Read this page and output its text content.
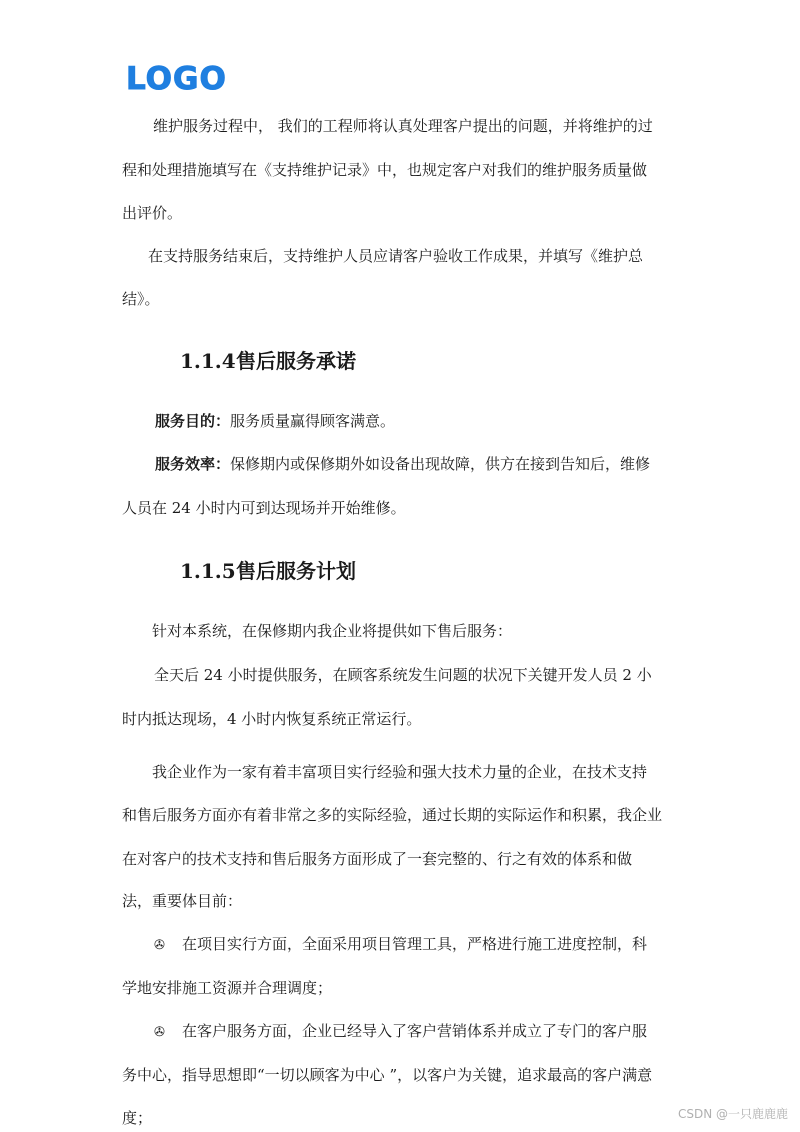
LOGO
维护服务过程中， 我们的工程师将认真处理客户提出的问题，并将维护的过
程和处理措施填写在《支持维护记录》中，也规定客户对我们的维护服务质量做
出评价。
在支持服务结束后，支持维护人员应请客户验收工作成果，并填写《维护总
结》。
1.1.4售后服务承诺
服务目的：服务质量赢得顾客满意。
服务效率：保修期内或保修期外如设备出现故障，供方在接到告知后，维修
人员在 24 小时内可到达现场并开始维修。
1.1.5售后服务计划
针对本系统，在保修期内我企业将提供如下售后服务：
全天后 24 小时提供服务，在顾客系统发生问题的状况下关键开发人员 2 小
时内抵达现场，4 小时内恢复系统正常运行。
我企业作为一家有着丰富项目实行经验和强大技术力量的企业，在技术支持
和售后服务方面亦有着非常之多的实际经验，通过长期的实际运作和积累，我企业
在对客户的技术支持和售后服务方面形成了一套完整的、行之有效的体系和做
法，重要体目前：
✇ 在项目实行方面，全面采用项目管理工具，严格进行施工进度控制，科
学地安排施工资源并合理调度；
✇ 在客户服务方面，企业已经导入了客户营销体系并成立了专门的客户服
务中心，指导思想即“一切以顾客为中心 ”，以客户为关键，追求最高的客户满意
度；	CSDN @一只鹿鹿鹿
